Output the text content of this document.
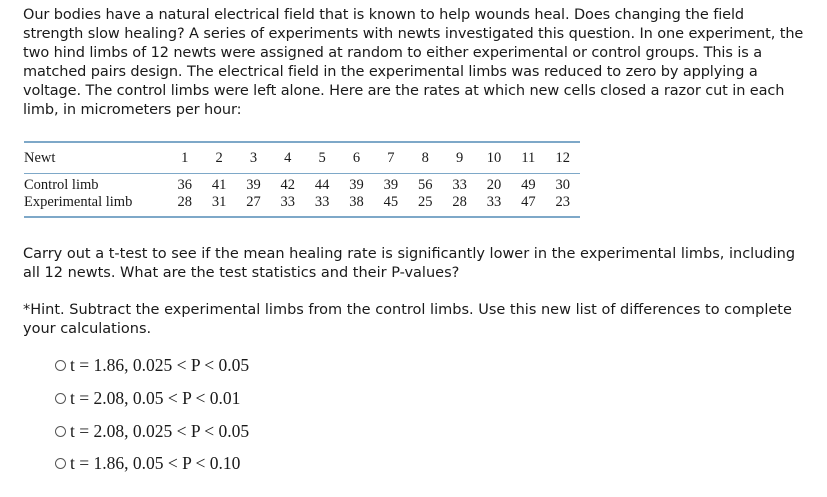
Our bodies have a natural electrical field that is known to help wounds heal. Does changing the field strength slow healing? A series of experiments with newts investigated this question. In one experiment, the two hind limbs of 12 newts were assigned at random to either experimental or control groups. This is a matched pairs design. The electrical field in the experimental limbs was reduced to zero by applying a voltage. The control limbs were left alone. Here are the rates at which new cells closed a razor cut in each limb, in micrometers per hour:

Newt	1	2	3	4	5	6	7	8	9	10	11	12
Control limb	36	41	39	42	44	39	39	56	33	20	49	30
Experimental limb	28	31	27	33	33	38	45	25	28	33	47	23

Carry out a t-test to see if the mean healing rate is significantly lower in the experimental limbs, including all 12 newts. What are the test statistics and their P-values?

*Hint. Subtract the experimental limbs from the control limbs. Use this new list of differences to complete your calculations.

t = 1.86, 0.025 < P < 0.05
t = 2.08, 0.05 < P < 0.01
t = 2.08, 0.025 < P < 0.05
t = 1.86, 0.05 < P < 0.10
